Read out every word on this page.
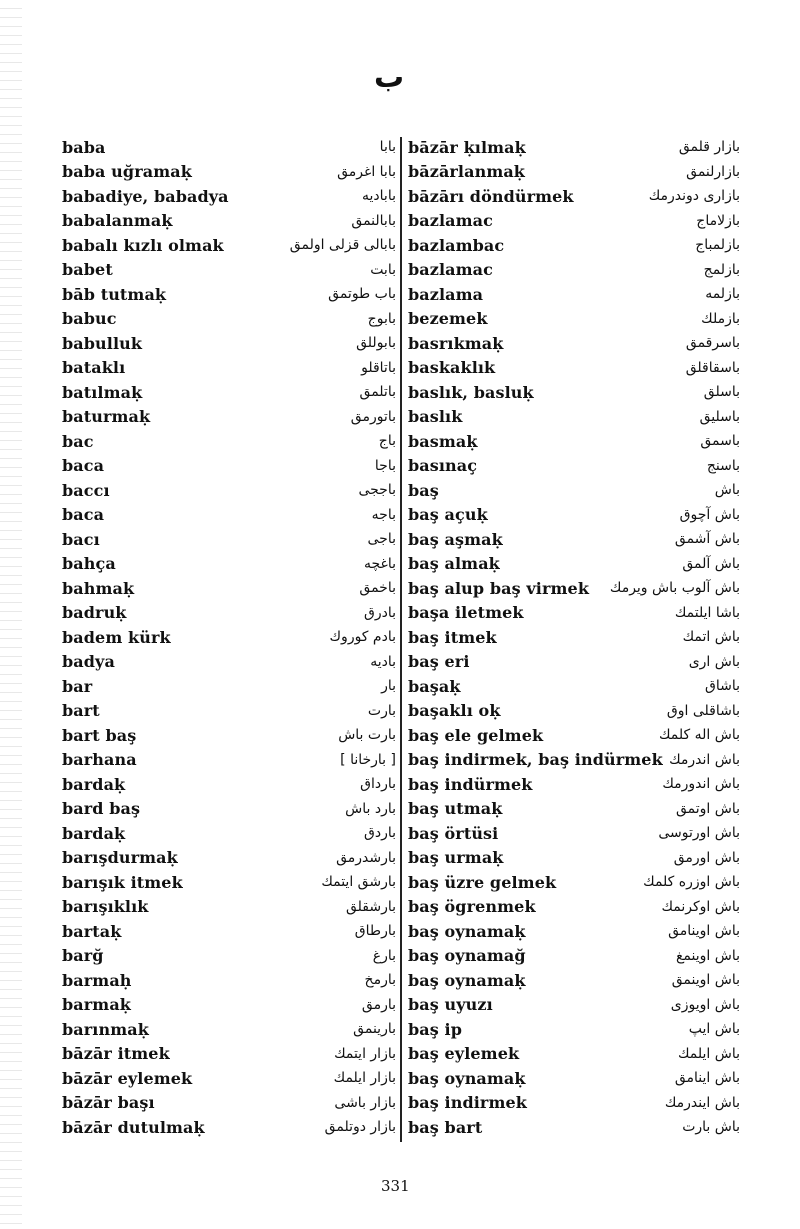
ب
baba	بابا
baba uğramaḳ	بابا اغرمق
babadiye, babadya	باباديه
babalanmaḳ	بابالنمق
babalı kızlı olmak	بابالى قزلى اولمق
babet	بابت
bāb tutmaḳ	باب طوتمق
babuc	بابوج
babulluk	بابوللق
bataklı	باتاقلو
batılmaḳ	باتلمق
baturmaḳ	باتورمق
bac	باج
baca	باجا
baccı	باججى
baca	باجه
bacı	باجى
bahça	باغچه
bahmaḳ	باخمق
badruḳ	بادرق
badem kürk	بادم كوروك
badya	باديه
bar	بار
bart	بارت
bart baş	بارت باش
barhana	[ بارخانا ]
bardaḳ	بارداق
bard baş	بارد باش
bardaḳ	باردق
barışdurmaḳ	بارشدرمق
barışık itmek	بارشق ايتمك
barışıklık	بارشقلق
bartaḳ	بارطاق
barğ	بارغ
barmaḥ	بارمخ
barmaḳ	بارمق
barınmaḳ	بارينمق
bāzār itmek	بازار ايتمك
bāzār eylemek	بازار ايلمك
bāzār başı	بازار باشى
bāzār dutulmaḳ	بازار دوتلمق
bāzār ḳılmaḳ	بازار قلمق
bāzārlanmaḳ	بازارلنمق
bāzārı döndürmek	بازارى دوندرمك
bazlamac	بازلاماج
bazlambac	بازلمباج
bazlamac	بازلمج
bazlama	بازلمه
bezemek	بازملك
basrıkmaḳ	باسرقمق
baskaklık	باسقاقلق
baslık, basluḳ	باسلق
baslık	باسليق
basmaḳ	باسمق
basınaç	باسنج
baş	باش
baş açuḳ	باش آچوق
baş aşmaḳ	باش آشمق
baş almaḳ	باش آلمق
baş alup baş virmek باش آلوب باش ويرمك
başa iletmek	باشا ايلتمك
baş itmek	باش اتمك
baş eri	باش ارى
başaḳ	باشاق
başaklı oḳ	باشاقلى اوق
baş ele gelmek	باش اله كلمك
baş indirmek, baş indürmek باش اندرمك
baş indürmek	باش اندورمك
baş utmaḳ	باش اوتمق
baş örtüsi	باش اورتوسى
baş urmaḳ	باش اورمق
baş üzre gelmek	باش اوزره كلمك
baş ögrenmek	باش اوكرنمك
baş oynamaḳ	باش اوينامق
baş oynamağ	باش اوينمغ
baş oynamaḳ	باش اوينمق
baş uyuzı	باش اويوزى
baş ip	باش ايپ
baş eylemek	باش ايلمك
baş oynamaḳ	باش اينامق
baş indirmek	باش ايندرمك
baş bart	باش بارت
331
